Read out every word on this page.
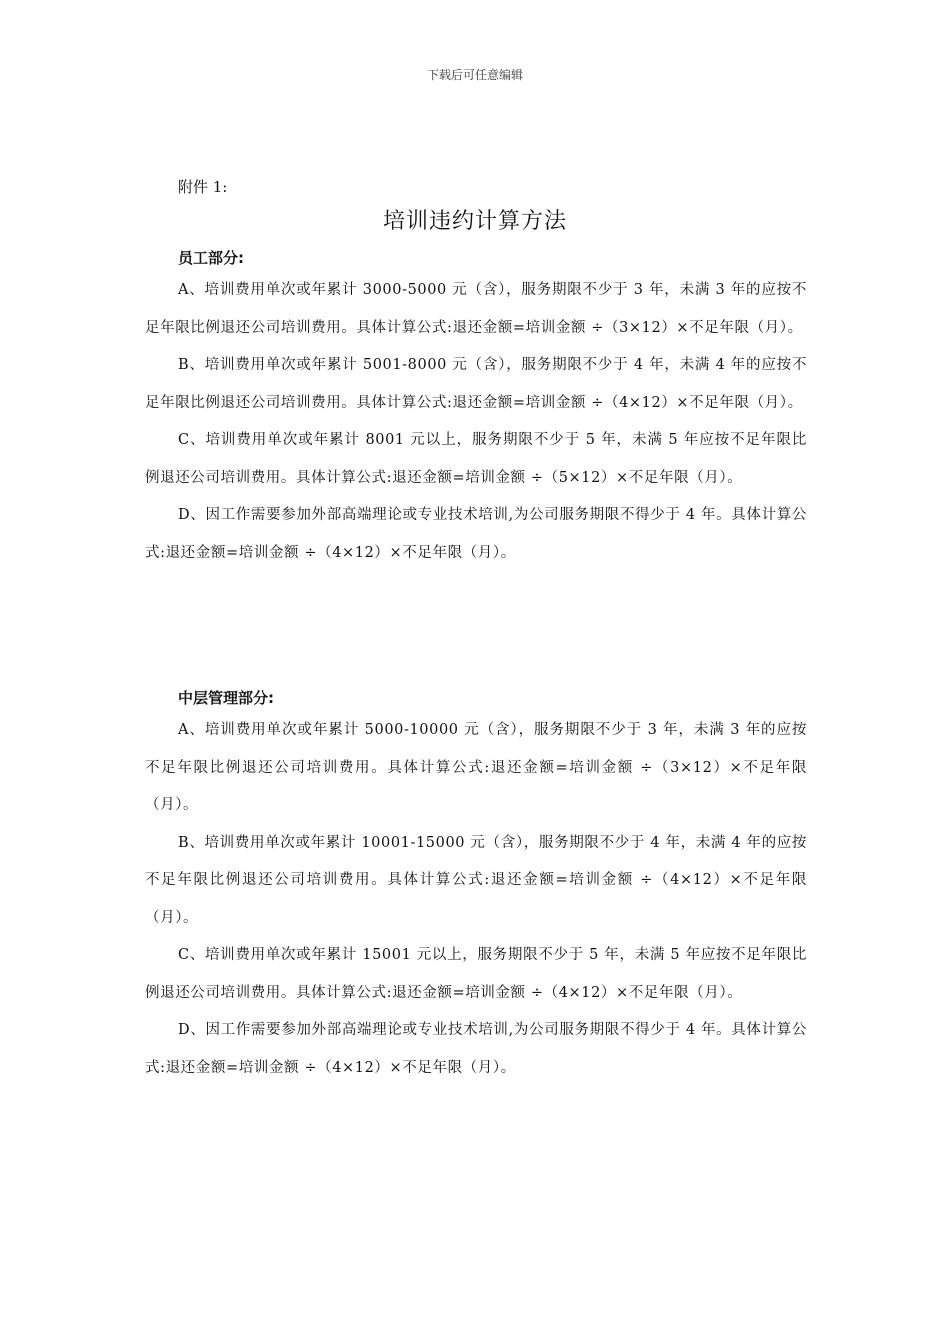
下载后可任意编辑
附件 1:
培训违约计算方法
员工部分:

A、培训费用单次或年累计 3000-5000 元（含），服务期限不少于 3 年，未满 3 年的应按不足年限比例退还公司培训费用。具体计算公式:退还金额=培训金额 ÷（3×12）×不足年限（月）。

B、培训费用单次或年累计 5001-8000 元（含），服务期限不少于 4 年，未满 4 年的应按不足年限比例退还公司培训费用。具体计算公式:退还金额=培训金额 ÷（4×12）×不足年限（月）。

C、培训费用单次或年累计 8001 元以上，服务期限不少于 5 年，未满 5 年应按不足年限比例退还公司培训费用。具体计算公式:退还金额=培训金额 ÷（5×12）×不足年限（月）。

D、因工作需要参加外部高端理论或专业技术培训,为公司服务期限不得少于 4 年。具体计算公式:退还金额=培训金额 ÷（4×12）×不足年限（月）。

中层管理部分:

A、培训费用单次或年累计 5000-10000 元（含），服务期限不少于 3 年，未满 3 年的应按不足年限比例退还公司培训费用。具体计算公式:退还金额=培训金额 ÷（3×12）×不足年限（月）。

B、培训费用单次或年累计 10001-15000 元（含），服务期限不少于 4 年，未满 4 年的应按不足年限比例退还公司培训费用。具体计算公式:退还金额=培训金额 ÷（4×12）×不足年限（月）。

C、培训费用单次或年累计 15001 元以上，服务期限不少于 5 年，未满 5 年应按不足年限比例退还公司培训费用。具体计算公式:退还金额=培训金额 ÷（4×12）×不足年限（月）。

D、因工作需要参加外部高端理论或专业技术培训,为公司服务期限不得少于 4 年。具体计算公式:退还金额=培训金额 ÷（4×12）×不足年限（月）。
